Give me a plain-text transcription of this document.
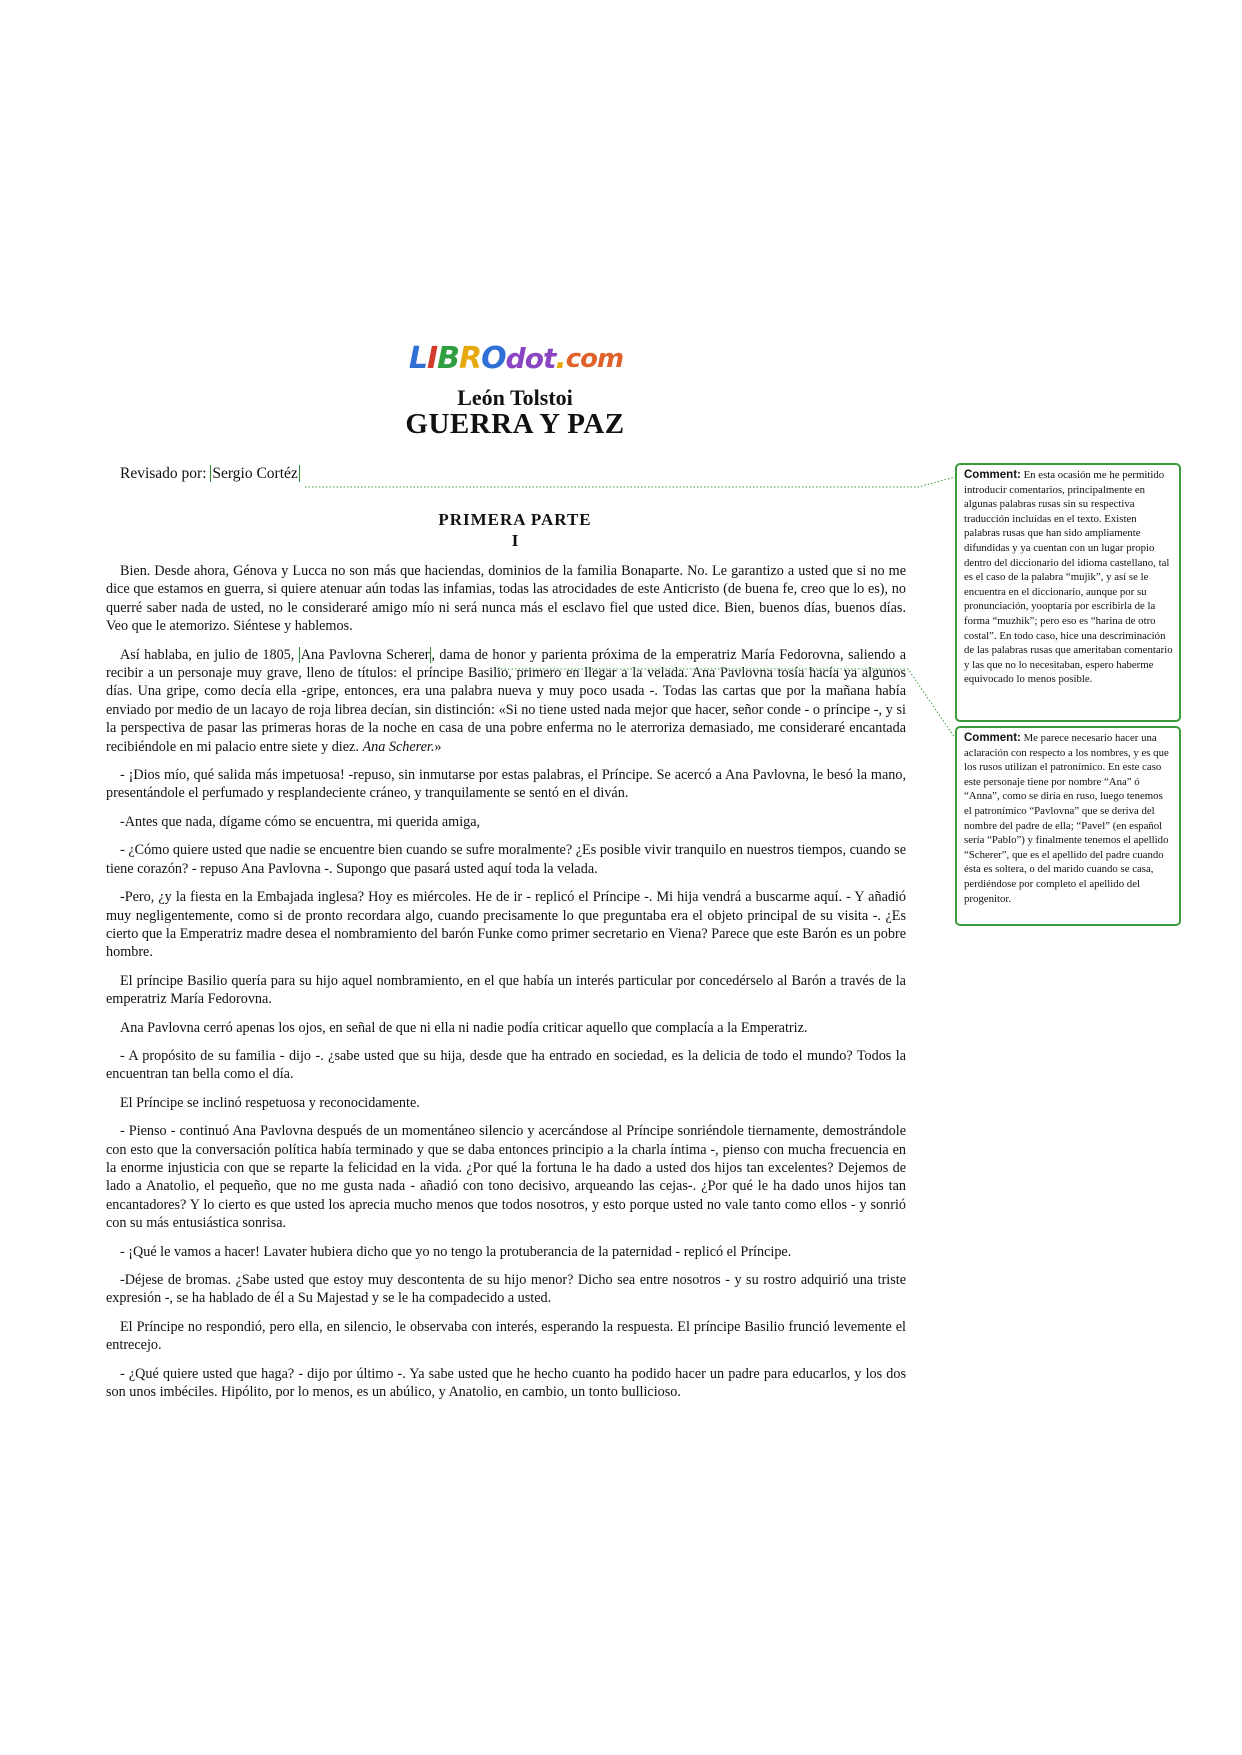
L I B R O dot . com
León Tolstoi
GUERRA Y PAZ
Revisado por: Sergio Cortéz
PRIMERA PARTE
I

Bien. Desde ahora, Génova y Lucca no son más que haciendas, dominios de la familia Bonaparte. No. Le garantizo a usted que si no me dice que estamos en guerra, si quiere atenuar aún todas las infamias, todas las atrocidades de este Anticristo (de buena fe, creo que lo es), no querré saber nada de usted, no le consideraré amigo mío ni será nunca más el esclavo fiel que usted dice. Bien, buenos días, buenos días. Veo que le atemorizo. Siéntese y hablemos.

Así hablaba, en julio de 1805, Ana Pavlovna Scherer , dama de honor y parienta próxima de la emperatriz María Fedorovna, saliendo a recibir a un personaje muy grave, lleno de títulos: el príncipe Basilio, primero en llegar a la velada. Ana Pavlovna tosía hacía ya algunos días. Una gripe, como decía ella -gripe, entonces, era una palabra nueva y muy poco usada -. Todas las cartas que por la mañana había enviado por medio de un lacayo de roja librea decían, sin distinción: «Si no tiene usted nada mejor que hacer, señor conde - o príncipe -, y si la perspectiva de pasar las primeras horas de la noche en casa de una pobre enferma no le aterroriza demasiado, me consideraré encantada recibiéndole en mi palacio entre siete y diez. Ana Scherer.»

- ¡Dios mío, qué salida más impetuosa! -repuso, sin inmutarse por estas palabras, el Príncipe. Se acercó a Ana Pavlovna, le besó la mano, presentándole el perfumado y resplandeciente cráneo, y tranquilamente se sentó en el diván.

-Antes que nada, dígame cómo se encuentra, mi querida amiga,

- ¿Cómo quiere usted que nadie se encuentre bien cuando se sufre moralmente? ¿Es posible vivir tranquilo en nuestros tiempos, cuando se tiene corazón? - repuso Ana Pavlovna -. Supongo que pasará usted aquí toda la velada.

-Pero, ¿y la fiesta en la Embajada inglesa? Hoy es miércoles. He de ir - replicó el Príncipe -. Mi hija vendrá a buscarme aquí. - Y añadió muy negligentemente, como si de pronto recordara algo, cuando precisamente lo que preguntaba era el objeto principal de su visita -. ¿Es cierto que la Emperatriz madre desea el nombramiento del barón Funke como primer secretario en Viena? Parece que este Barón es un pobre hombre.

El príncipe Basilio quería para su hijo aquel nombramiento, en el que había un interés particular por concedérselo al Barón a través de la emperatriz María Fedorovna.

Ana Pavlovna cerró apenas los ojos, en señal de que ni ella ni nadie podía criticar aquello que complacía a la Emperatriz.

- A propósito de su familia - dijo -. ¿sabe usted que su hija, desde que ha entrado en sociedad, es la delicia de todo el mundo? Todos la encuentran tan bella como el día.

El Príncipe se inclinó respetuosa y reconocidamente.

- Pienso - continuó Ana Pavlovna después de un momentáneo silencio y acercándose al Príncipe sonriéndole tiernamente, demostrándole con esto que la conversación política había terminado y que se daba entonces principio a la charla íntima -, pienso con mucha frecuencia en la enorme injusticia con que se reparte la felicidad en la vida. ¿Por qué la fortuna le ha dado a usted dos hijos tan excelentes? Dejemos de lado a Anatolio, el pequeño, que no me gusta nada - añadió con tono decisivo, arqueando las cejas-. ¿Por qué le ha dado unos hijos tan encantadores? Y lo cierto es que usted los aprecia mucho menos que todos nosotros, y esto porque usted no vale tanto como ellos - y sonrió con su más entusiástica sonrisa.

- ¡Qué le vamos a hacer! Lavater hubiera dicho que yo no tengo la protuberancia de la paternidad - replicó el Príncipe.

-Déjese de bromas. ¿Sabe usted que estoy muy descontenta de su hijo menor? Dicho sea entre nosotros - y su rostro adquirió una triste expresión -, se ha hablado de él a Su Majestad y se le ha compadecido a usted.

El Príncipe no respondió, pero ella, en silencio, le observaba con interés, esperando la respuesta. El príncipe Basilio frunció levemente el entrecejo.

- ¿Qué quiere usted que haga? - dijo por último -. Ya sabe usted que he hecho cuanto ha podido hacer un padre para educarlos, y los dos son unos imbéciles. Hipólito, por lo menos, es un abúlico, y Anatolio, en cambio, un tonto bullicioso.

Comment: En esta ocasión me he permitido introducir comentarios, principalmente en algunas palabras rusas sin su respectiva traducción incluídas en el texto. Existen palabras rusas que han sido ampliamente difundidas y ya cuentan con un lugar propio dentro del diccionario del idioma castellano, tal es el caso de la palabra “mujik”, y así se le encuentra en el diccionario, aunque por su pronunciación, yooptaría por escribirla de la forma “muzhik”; pero eso es “harina de otro costal”. En todo caso, hice una descriminación de las palabras rusas que ameritaban comentario y las que no lo necesitaban, espero haberme equivocado lo menos posible.
Comment: Me parece necesario hacer una aclaración con respecto a los nombres, y es que los rusos utilizan el patronímico. En este caso este personaje tiene por nombre “Ana” ó “Anna”, como se diría en ruso, luego tenemos el patronímico “Pavlovna” que se deriva del nombre del padre de ella; “Pavel” (en español sería “Pablo”) y finalmente tenemos el apellido “Scherer”, que es el apellido del padre cuando ésta es soltera, o del marido cuando se casa, perdiéndose por completo el apellido del progenitor.
